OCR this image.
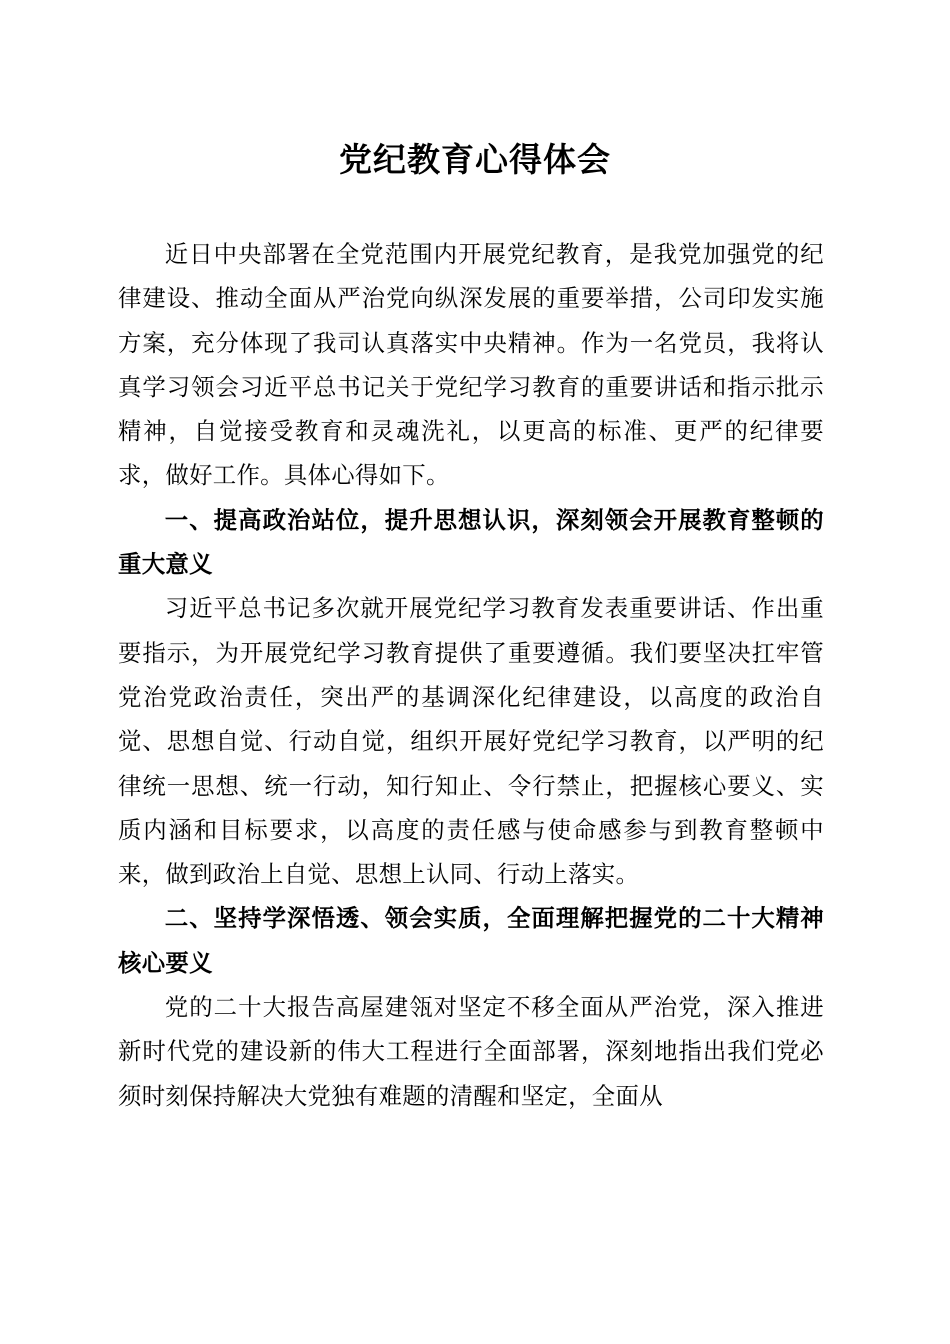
党纪教育心得体会

近日中央部署在全党范围内开展党纪教育，是我党加强党的纪律建设、推动全面从严治党向纵深发展的重要举措，公司印发实施方案，充分体现了我司认真落实中央精神。作为一名党员，我将认真学习领会习近平总书记关于党纪学习教育的重要讲话和指示批示精神，自觉接受教育和灵魂洗礼，以更高的标准、更严的纪律要求，做好工作。具体心得如下。

一、提高政治站位，提升思想认识，深刻领会开展教育整顿的重大意义

习近平总书记多次就开展党纪学习教育发表重要讲话、作出重要指示，为开展党纪学习教育提供了重要遵循。我们要坚决扛牢管党治党政治责任，突出严的基调深化纪律建设，以高度的政治自觉、思想自觉、行动自觉，组织开展好党纪学习教育，以严明的纪律统一思想、统一行动，知行知止、令行禁止，把握核心要义、实质内涵和目标要求，以高度的责任感与使命感参与到教育整顿中来，做到政治上自觉、思想上认同、行动上落实。

二、坚持学深悟透、领会实质，全面理解把握党的二十大精神核心要义

党的二十大报告高屋建瓴对坚定不移全面从严治党，深入推进新时代党的建设新的伟大工程进行全面部署，深刻地指出我们党必须时刻保持解决大党独有难题的清醒和坚定，全面从
